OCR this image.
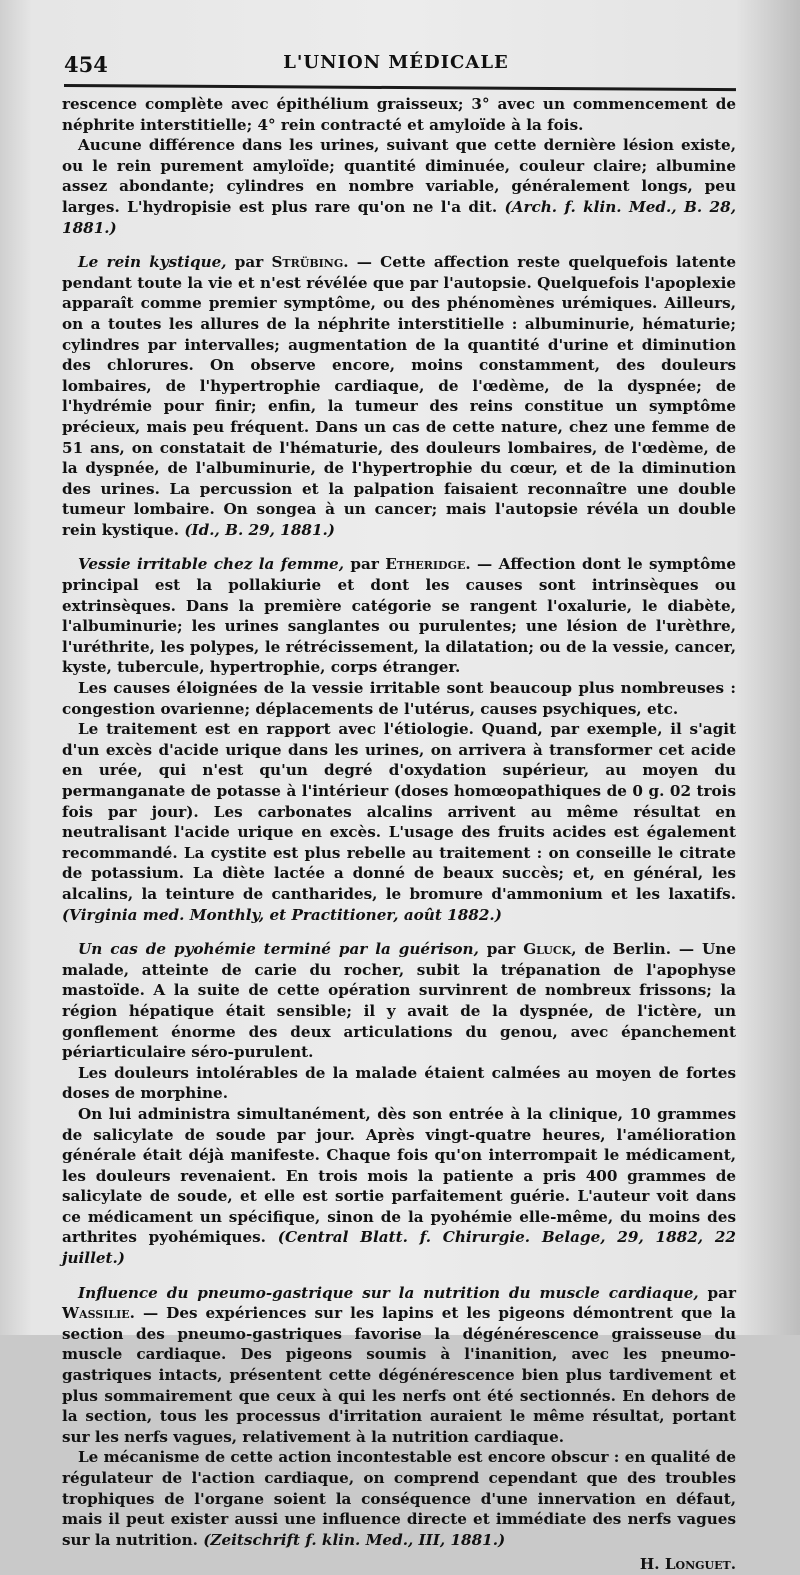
454	L'UNION MÉDICALE

rescence complète avec épithélium graisseux; 3° avec un commencement de néphrite interstitielle; 4° rein contracté et amyloïde à la fois.

Aucune différence dans les urines, suivant que cette dernière lésion existe, ou le rein purement amyloïde; quantité diminuée, couleur claire; albumine assez abondante; cylindres en nombre variable, généralement longs, peu larges. L'hydropisie est plus rare qu'on ne l'a dit. (Arch. f. klin. Med., B. 28, 1881.)

Le rein kystique, par Strübing. — Cette affection reste quelquefois latente pendant toute la vie et n'est révélée que par l'autopsie. Quelquefois l'apoplexie apparaît comme premier symptôme, ou des phénomènes urémiques. Ailleurs, on a toutes les allures de la néphrite interstitielle : albuminurie, hématurie; cylindres par intervalles; augmentation de la quantité d'urine et diminution des chlorures. On observe encore, moins constamment, des douleurs lombaires, de l'hypertrophie cardiaque, de l'œdème, de la dyspnée; de l'hydrémie pour finir; enfin, la tumeur des reins constitue un symptôme précieux, mais peu fréquent. Dans un cas de cette nature, chez une femme de 51 ans, on constatait de l'hématurie, des douleurs lombaires, de l'œdème, de la dyspnée, de l'albuminurie, de l'hypertrophie du cœur, et de la diminution des urines. La percussion et la palpation faisaient reconnaître une double tumeur lombaire. On songea à un cancer; mais l'autopsie révéla un double rein kystique. (Id., B. 29, 1881.)

Vessie irritable chez la femme, par Etheridge. — Affection dont le symptôme principal est la pollakiurie et dont les causes sont intrinsèques ou extrinsèques. Dans la première catégorie se rangent l'oxalurie, le diabète, l'albuminurie; les urines sanglantes ou purulentes; une lésion de l'urèthre, l'uréthrite, les polypes, le rétrécissement, la dilatation; ou de la vessie, cancer, kyste, tubercule, hypertrophie, corps étranger.

Les causes éloignées de la vessie irritable sont beaucoup plus nombreuses : congestion ovarienne; déplacements de l'utérus, causes psychiques, etc.

Le traitement est en rapport avec l'étiologie. Quand, par exemple, il s'agit d'un excès d'acide urique dans les urines, on arrivera à transformer cet acide en urée, qui n'est qu'un degré d'oxydation supérieur, au moyen du permanganate de potasse à l'intérieur (doses homœopathiques de 0 g. 02 trois fois par jour). Les carbonates alcalins arrivent au même résultat en neutralisant l'acide urique en excès. L'usage des fruits acides est également recommandé. La cystite est plus rebelle au traitement : on conseille le citrate de potassium. La diète lactée a donné de beaux succès; et, en général, les alcalins, la teinture de cantharides, le bromure d'ammonium et les laxatifs. (Virginia med. Monthly, et Practitioner, août 1882.)

Un cas de pyohémie terminé par la guérison, par Gluck, de Berlin. — Une malade, atteinte de carie du rocher, subit la trépanation de l'apophyse mastoïde. A la suite de cette opération survinrent de nombreux frissons; la région hépatique était sensible; il y avait de la dyspnée, de l'ictère, un gonflement énorme des deux articulations du genou, avec épanchement périarticulaire séro-purulent.

Les douleurs intolérables de la malade étaient calmées au moyen de fortes doses de morphine.

On lui administra simultanément, dès son entrée à la clinique, 10 grammes de salicylate de soude par jour. Après vingt-quatre heures, l'amélioration générale était déjà manifeste. Chaque fois qu'on interrompait le médicament, les douleurs revenaient. En trois mois la patiente a pris 400 grammes de salicylate de soude, et elle est sortie parfaitement guérie. L'auteur voit dans ce médicament un spécifique, sinon de la pyohémie elle-même, du moins des arthrites pyohémiques. (Central Blatt. f. Chirurgie. Belage, 29, 1882, 22 juillet.)

Influence du pneumo-gastrique sur la nutrition du muscle cardiaque, par Wassilie. — Des expériences sur les lapins et les pigeons démontrent que la section des pneumo-gastriques favorise la dégénérescence graisseuse du muscle cardiaque. Des pigeons soumis à l'inanition, avec les pneumo-gastriques intacts, présentent cette dégénérescence bien plus tardivement et plus sommairement que ceux à qui les nerfs ont été sectionnés. En dehors de la section, tous les processus d'irritation auraient le même résultat, portant sur les nerfs vagues, relativement à la nutrition cardiaque.

Le mécanisme de cette action incontestable est encore obscur : en qualité de régulateur de l'action cardiaque, on comprend cependant que des troubles trophiques de l'organe soient la conséquence d'une innervation en défaut, mais il peut exister aussi une influence directe et immédiate des nerfs vagues sur la nutrition. (Zeitschrift f. klin. Med., III, 1881.)

H. Longuet.
